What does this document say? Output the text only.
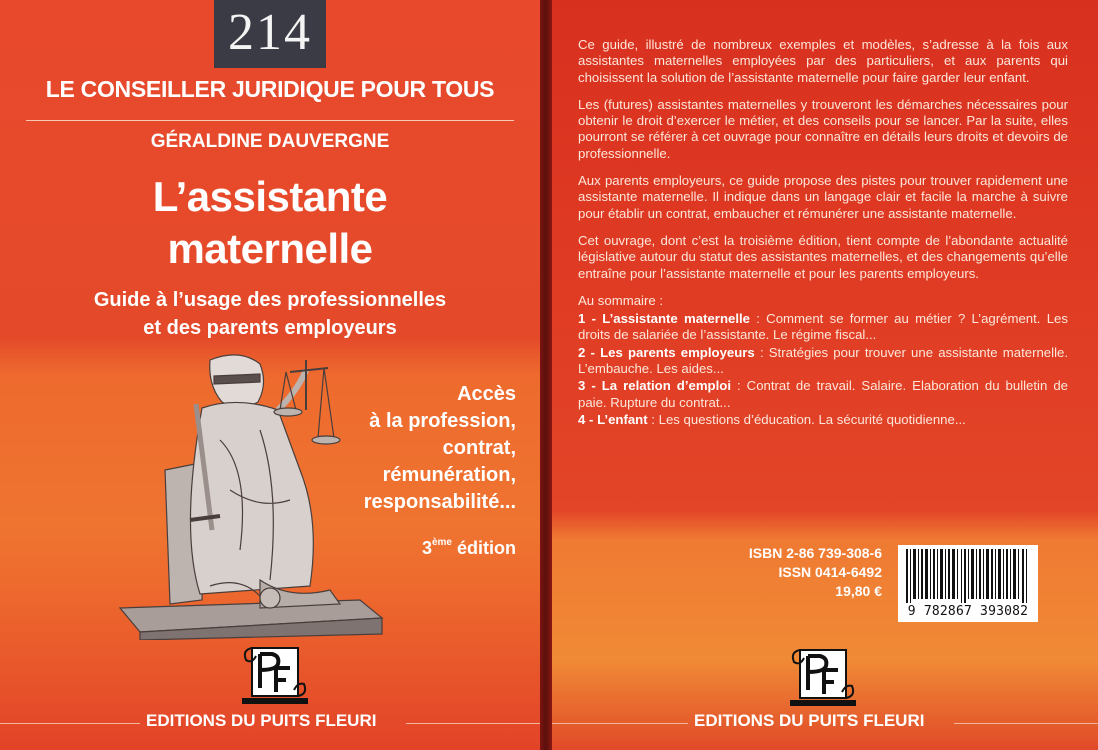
214
LE CONSEILLER JURIDIQUE POUR TOUS
GÉRALDINE DAUVERGNE
L’assistante
maternelle
Guide à l’usage des professionnelles
et des parents employeurs
Accès
à la profession,
contrat,
rémunération,
responsabilité...
3ème édition
EDITIONS DU PUITS FLEURI

Ce guide, illustré de nombreux exemples et modèles, s’adresse à la fois aux assistantes maternelles employées par des particuliers, et aux parents qui choisissent la solution de l’assistante maternelle pour faire garder leur enfant.

Les (futures) assistantes maternelles y trouveront les démarches nécessaires pour obtenir le droit d’exercer le métier, et des conseils pour se lancer. Par la suite, elles pourront se référer à cet ouvrage pour connaître en détails leurs droits et devoirs de professionnelle.

Aux parents employeurs, ce guide propose des pistes pour trouver rapidement une assistante maternelle. Il indique dans un langage clair et facile la marche à suivre pour établir un contrat, embaucher et rémunérer une assistante maternelle.

Cet ouvrage, dont c’est la troisième édition, tient compte de l’abondante actualité législative autour du statut des assistantes maternelles, et des changements qu’elle entraîne pour l’assistante maternelle et pour les parents employeurs.

Au sommaire :
1 - L’assistante maternelle : Comment se former au métier ? L’agrément. Les droits de salariée de l’assistante. Le régime fiscal...
2 - Les parents employeurs : Stratégies pour trouver une assistante maternelle. L’embauche. Les aides...
3 - La relation d’emploi : Contrat de travail. Salaire. Elaboration du bulletin de paie. Rupture du contrat...
4 - L’enfant : Les questions d’éducation. La sécurité quotidienne...
ISBN 2-86 739-308-6
ISSN 0414-6492
19,80 €
9 782867 393082
EDITIONS DU PUITS FLEURI
